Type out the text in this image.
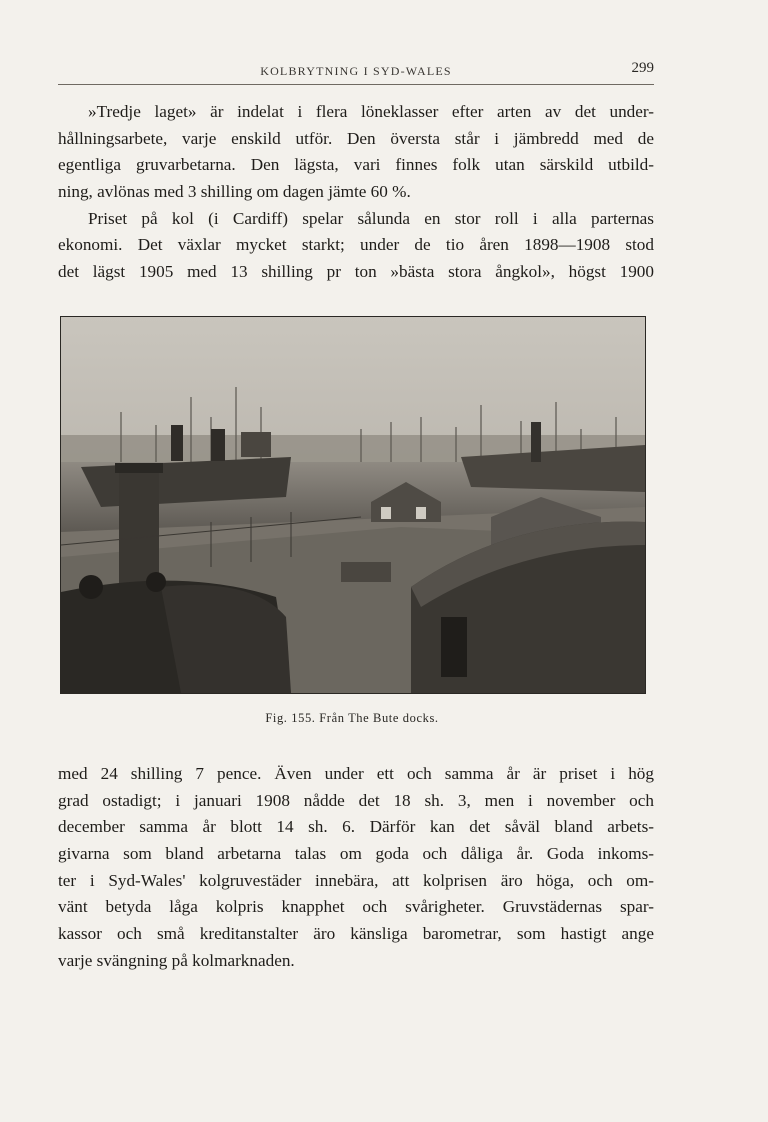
KOLBRYTNING I SYD-WALES	299
»Tredje laget» är indelat i flera löneklasser efter arten av det under-
hållningsarbete, varje enskild utför. Den översta står i jämbredd med de
egentliga gruvarbetarna. Den lägsta, vari finnes folk utan särskild utbild-
ning, avlönas med 3 shilling om dagen jämte 60 %.
Priset på kol (i Cardiff) spelar sålunda en stor roll i alla parternas
ekonomi. Det växlar mycket starkt; under de tio åren 1898—1908 stod
det lägst 1905 med 13 shilling pr ton »bästa stora ångkol», högst 1900
Fig. 155. Från The Bute docks.
med 24 shilling 7 pence. Även under ett och samma år är priset i hög
grad ostadigt; i januari 1908 nådde det 18 sh. 3, men i november och
december samma år blott 14 sh. 6. Därför kan det såväl bland arbets-
givarna som bland arbetarna talas om goda och dåliga år. Goda inkoms-
ter i Syd-Wales' kolgruvestäder innebära, att kolprisen äro höga, och om-
vänt betyda låga kolpris knapphet och svårigheter. Gruvstädernas spar-
kassor och små kreditanstalter äro känsliga barometrar, som hastigt ange
varje svängning på kolmarknaden.
